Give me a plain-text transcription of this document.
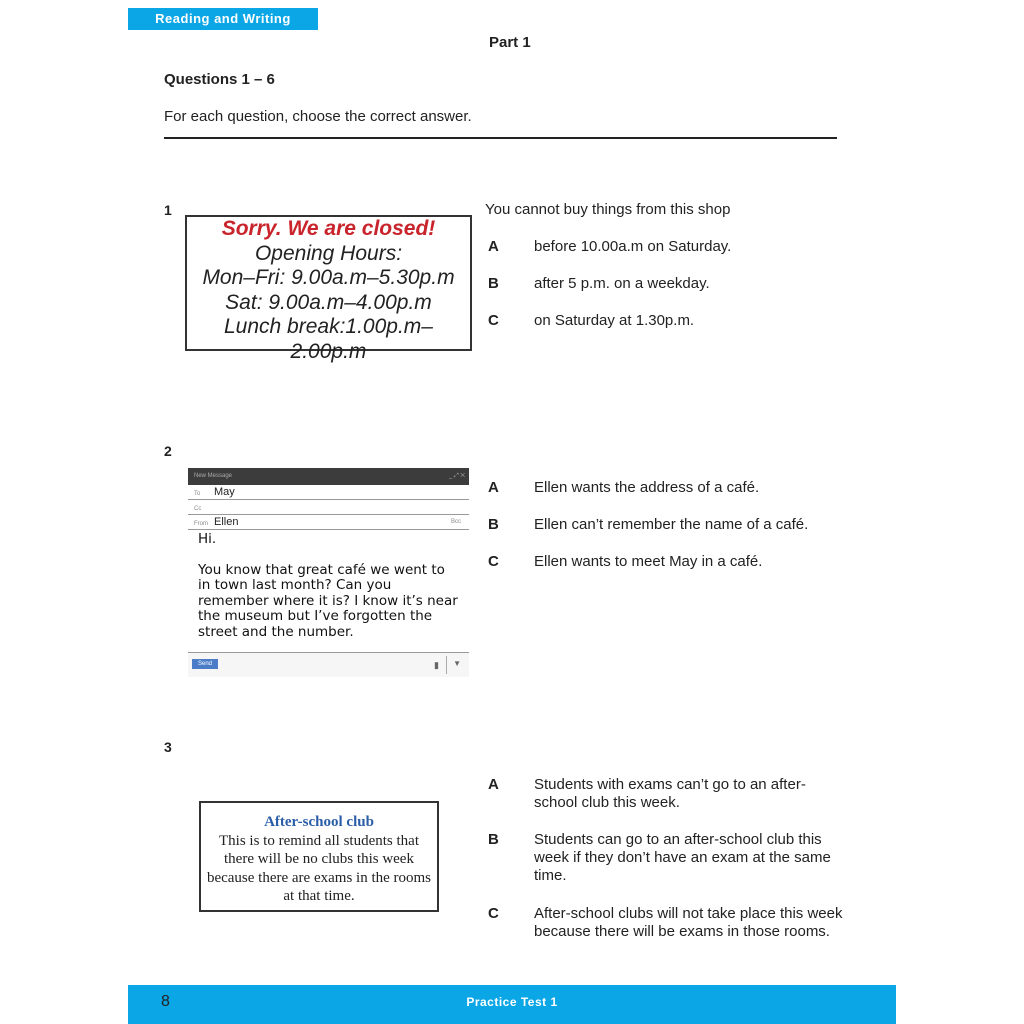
Reading and Writing
Part 1
Questions 1 – 6
For each question, choose the correct answer.
1
Sorry. We are closed!
Opening Hours:
Mon–Fri: 9.00a.m–5.30p.m
Sat: 9.00a.m–4.00p.m
Lunch break:1.00p.m–2.00p.m
You cannot buy things from this shop
A before 10.00a.m on Saturday.
B after 5 p.m. on a weekday.
C on Saturday at 1.30p.m.
2
New Message	_ ⤢ ✕
To May
Cc
From Ellen	Bcc
Hi.
You know that great café we went to in town last month? Can you remember where it is? I know it’s near the museum but I’ve forgotten the street and the number.
Send	▮ ▼
A Ellen wants the address of a café.
B Ellen can’t remember the name of a café.
C Ellen wants to meet May in a café.
3
After-school club
This is to remind all students that there will be no clubs this week because there are exams in the rooms at that time.
A Students with exams can’t go to an after-school club this week.
B Students can go to an after-school club this week if they don’t have an exam at the same time.
C After-school clubs will not take place this week because there will be exams in those rooms.
8	Practice Test 1
